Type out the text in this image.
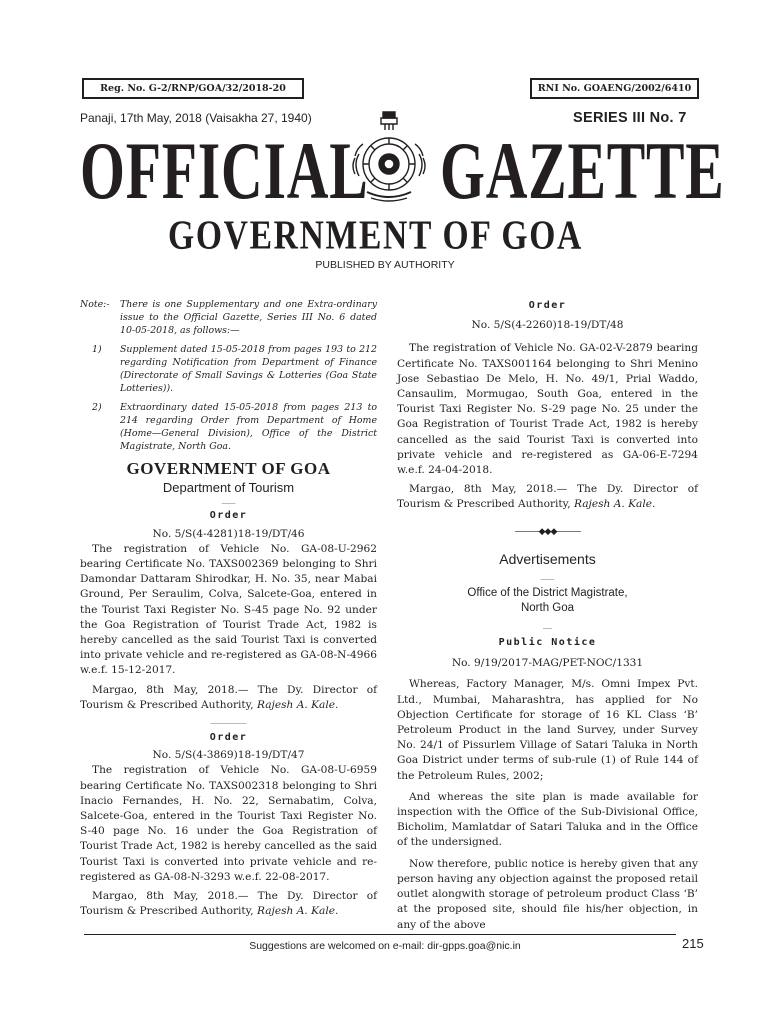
Reg. No. G-2/RNP/GOA/32/2018-20	RNI No. GOAENG/2002/6410
Panaji, 17th May, 2018 (Vaisakha 27, 1940)	SERIES III No. 7
OFFICIAL GAZETTE
GOVERNMENT OF GOA
PUBLISHED BY AUTHORITY
Note:-	There is one Supplementary and one Extra-ordinary issue to the Official Gazette, Series III No. 6 dated 10-05-2018, as follows:—
1)	Supplement dated 15-05-2018 from pages 193 to 212 regarding Notification from Department of Finance (Directorate of Small Savings & Lotteries (Goa State Lotteries)).
2)	Extraordinary dated 15-05-2018 from pages 213 to 214 regarding Order from Department of Home (Home—General Division), Office of the District Magistrate, North Goa.
GOVERNMENT OF GOA
Department of Tourism
___
Order
No. 5/S(4-4281)18-19/DT/46

The registration of Vehicle No. GA-08-U-2962 bearing Certificate No. TAXS002369 belonging to Shri Damondar Dattaram Shirodkar, H. No. 35, near Mabai Ground, Per Seraulim, Colva, Salcete-Goa, entered in the Tourist Taxi Register No. S-45 page No. 92 under the Goa Registration of Tourist Trade Act, 1982 is hereby cancelled as the said Tourist Taxi is converted into private vehicle and re-registered as GA-08-N-4966 w.e.f. 15-12-2017.

Margao, 8th May, 2018.— The Dy. Director of Tourism & Prescribed Authority, Rajesh A. Kale.

________
Order
No. 5/S(4-3869)18-19/DT/47

The registration of Vehicle No. GA-08-U-6959 bearing Certificate No. TAXS002318 belonging to Shri Inacio Fernandes, H. No. 22, Sernabatim, Colva, Salcete-Goa, entered in the Tourist Taxi Register No. S-40 page No. 16 under the Goa Registration of Tourist Trade Act, 1982 is hereby cancelled as the said Tourist Taxi is converted into private vehicle and re-registered as GA-08-N-3293 w.e.f. 22-08-2017.

Margao, 8th May, 2018.— The Dy. Director of Tourism & Prescribed Authority, Rajesh A. Kale.

Order
No. 5/S(4-2260)18-19/DT/48

The registration of Vehicle No. GA-02-V-2879 bearing Certificate No. TAXS001164 belonging to Shri Menino Jose Sebastiao De Melo, H. No. 49/1, Prial Waddo, Cansaulim, Mormugao, South Goa, entered in the Tourist Taxi Register No. S-29 page No. 25 under the Goa Registration of Tourist Trade Act, 1982 is hereby cancelled as the said Tourist Taxi is converted into private vehicle and re-registered as GA-06-E-7294 w.e.f. 24-04-2018.

Margao, 8th May, 2018.— The Dy. Director of Tourism & Prescribed Authority, Rajesh A. Kale.

———◆◆◆———
Advertisements
___
Office of the District Magistrate,
North Goa
__
Public Notice
No. 9/19/2017-MAG/PET-NOC/1331

Whereas, Factory Manager, M/s. Omni Impex Pvt. Ltd., Mumbai, Maharashtra, has applied for No Objection Certificate for storage of 16 KL Class ‘B’ Petroleum Product in the land Survey, under Survey No. 24/1 of Pissurlem Village of Satari Taluka in North Goa District under terms of sub-rule (1) of Rule 144 of the Petroleum Rules, 2002;

And whereas the site plan is made available for inspection with the Office of the Sub-Divisional Office, Bicholim, Mamlatdar of Satari Taluka and in the Office of the undersigned.

Now therefore, public notice is hereby given that any person having any objection against the proposed retail outlet alongwith storage of petroleum product Class ‘B’ at the proposed site, should file his/her objection, in any of the above

Suggestions are welcomed on e-mail: dir-gpps.goa@nic.in	215
